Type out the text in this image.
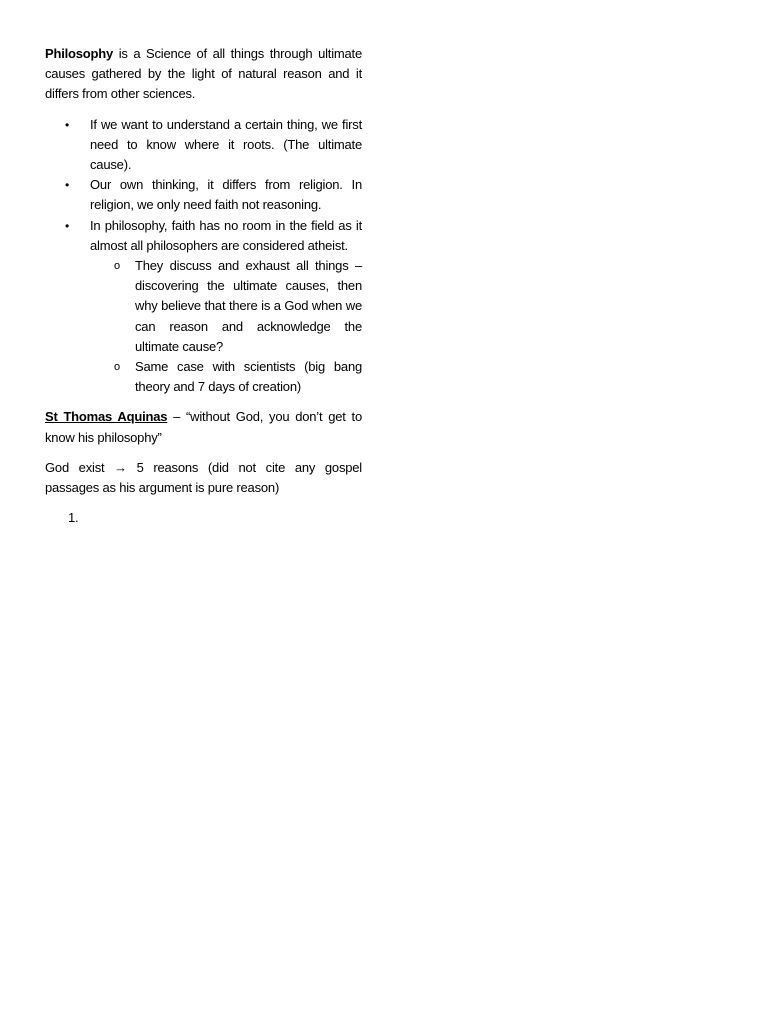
Philosophy is a Science of all things through ultimate causes gathered by the light of natural reason and it differs from other sciences.

• If we want to understand a certain thing, we first need to know where it roots. (The ultimate cause).
• Our own thinking, it differs from religion. In religion, we only need faith not reasoning.
• In philosophy, faith has no room in the field as it almost all philosophers are considered atheist.
o They discuss and exhaust all things – discovering the ultimate causes, then why believe that there is a God when we can reason and acknowledge the ultimate cause?
o Same case with scientists (big bang theory and 7 days of creation)

St Thomas Aquinas – “without God, you don’t get to know his philosophy”

God exist → 5 reasons (did not cite any gospel passages as his argument is pure reason)

1.
